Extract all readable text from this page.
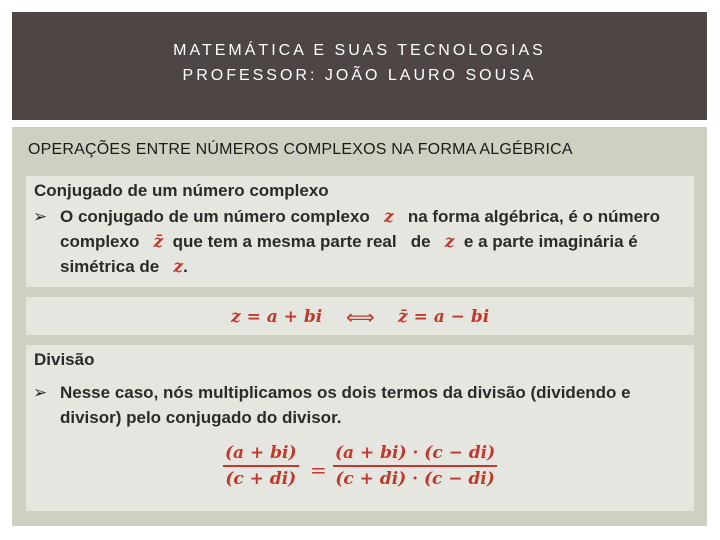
MATEMÁTICA E SUAS TECNOLOGIAS
PROFESSOR: JOÃO LAURO SOUSA
OPERAÇÕES ENTRE NÚMEROS COMPLEXOS NA FORMA ALGÉBRICA
Conjugado de um número complexo
➢ O conjugado de um número complexo z na forma algébrica, é o número
complexo z̄ que tem a mesma parte real de z e a parte imaginária é
simétrica de z.
z = a + bi ⟺ z̄ = a − bi
Divisão
➢ Nesse caso, nós multiplicamos os dois termos da divisão (dividendo e
divisor) pelo conjugado do divisor.
$\frac{(a + bi)}{(c + di)} = \frac{(a + bi) \cdot (c - di)}{(c + di) \cdot (c - di)}$
